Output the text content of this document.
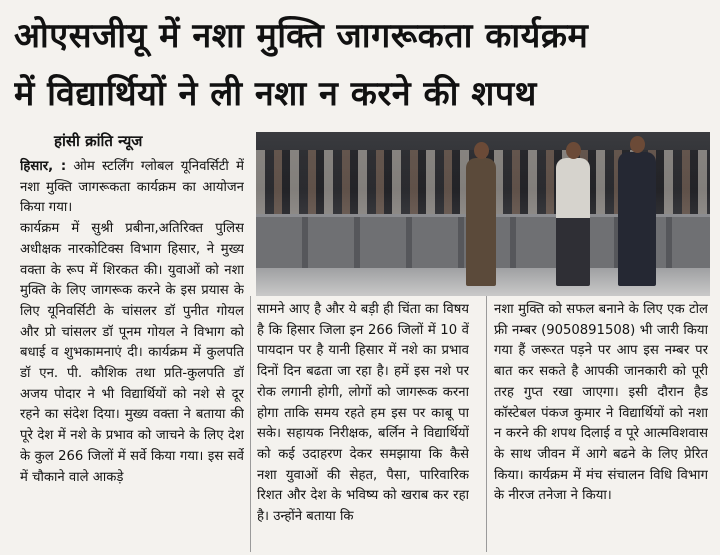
ओएसजीयू में नशा मुक्ति जागरूकता कार्यक्रम
में विद्यार्थियों ने ली नशा न करने की शपथ
हांसी क्रांति न्यूज
हिसार, : ओम स्टर्लिंग ग्लोबल यूनिवर्सिटी में नशा मुक्ति जागरूकता कार्यक्रम का आयोजन किया गया।
कार्यक्रम में सुश्री प्रबीना,अतिरिक्त पुलिस अधीक्षक नारकोटिक्स विभाग हिसार, ने मुख्य वक्ता के रूप में शिरकत की। युवाओं को नशा मुक्ति के लिए जागरूक करने के इस प्रयास के लिए यूनिवर्सिटी के चांसलर डॉ पुनीत गोयल और प्रो चांसलर डॉ पूनम गोयल ने विभाग को बधाई व शुभकामनाएं दी। कार्यक्रम में कुलपति डॉ एन. पी. कौशिक तथा प्रति-कुलपति डॉ अजय पोदार ने भी विद्यार्थियों को नशे से दूर रहने का संदेश दिया। मुख्य वक्ता ने बताया की पूरे देश में नशे के प्रभाव को जाचने के लिए देश के कुल 266 जिलों में सर्वे किया गया। इस सर्वे में चौकाने वाले आकड़े
सामने आए है और ये बड़ी ही चिंता का विषय है कि हिसार जिला इन 266 जिलों में 10 वें पायदान पर है यानी हिसार में नशे का प्रभाव दिनों दिन बढता जा रहा है। हमें इस नशे पर रोक लगानी होगी, लोगों को जागरूक करना होगा ताकि समय रहते हम इस पर काबू पा सके। सहायक निरीक्षक, बर्लिन ने विद्यार्थियों को कई उदाहरण देकर समझाया कि कैसे नशा युवाओं की सेहत, पैसा, पारिवारिक रिशत और देश के भविष्य को खराब कर रहा है। उन्होंने बताया कि
नशा मुक्ति को सफल बनाने के लिए एक टोल फ्री नम्बर (9050891508) भी जारी किया गया हैं जरूरत पड़ने पर आप इस नम्बर पर बात कर सकते है आपकी जानकारी को पूरी तरह गुप्त रखा जाएगा। इसी दौरान हैड कॉस्टेबल पंकज कुमार ने विद्यार्थियों को नशा न करने की शपथ दिलाई व पूरे आत्मविशवास के साथ जीवन में आगे बढने के लिए प्रेरित किया। कार्यक्रम में मंच संचालन विधि विभाग के नीरज तनेजा ने किया।
